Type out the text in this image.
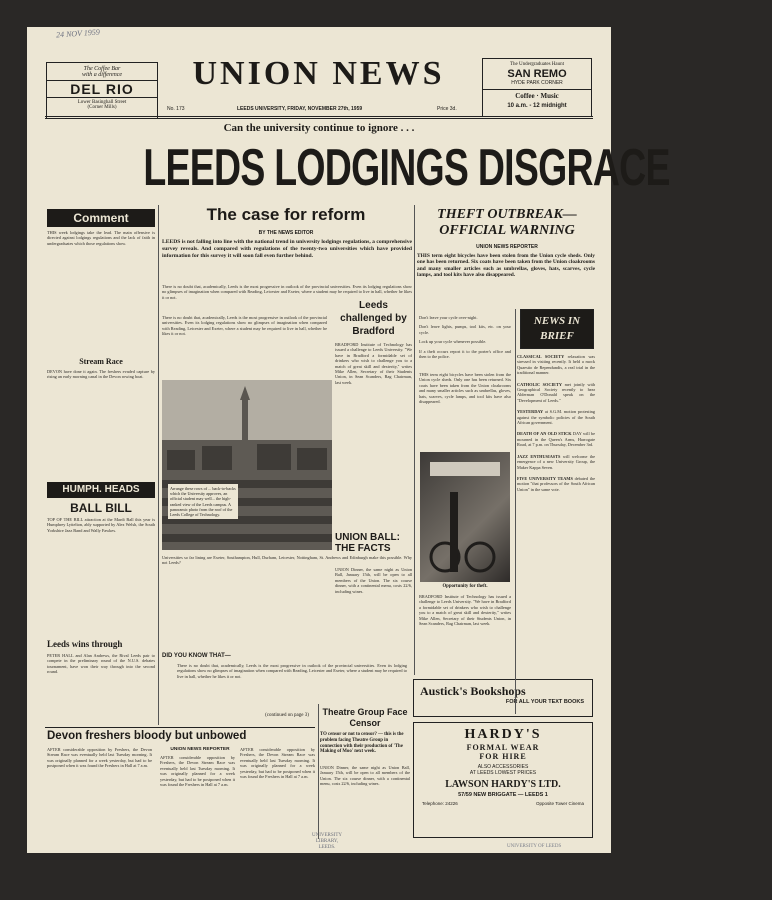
24 NOV 1959
The Coffee Bar
with a difference
DEL RIO
Lower Basinghall Street
(Corner Mills)
UNION NEWS
No. 173	LEEDS UNIVERSITY, FRIDAY, NOVEMBER 27th, 1959	Price 3d.
The Undergraduates Haunt
SAN REMO
HYDE PARK CORNER
Coffee · Music
10 a.m. - 12 midnight
Can the university continue to ignore . . .
LEEDS LODGINGS DISGRACE
Comment
THIS week lodgings take the lead. The main offensive is directed against lodgings regulations and the lack of faith in undergraduates which those regulations show.
Stream Race
DEVON have done it again. The freshers evaded capture by rising an early morning canal in the Devon rowing boat.
HUMPH. HEADS
BALL BILL
TOP OF THE BILL attraction at the Mardi Ball this year is Humphrey Lyttelton, ably supported by Alex Welsh, the South Yorkshire Jazz Band and Wally Fawkes.
Leeds wins through
PETER HALL and Alan Andrews, the Rival Leeds pair to compete in the preliminary round of the N.U.S. debates tournament, have won their way through into the second round.
The case for reform
BY THE NEWS EDITOR
LEEDS is not falling into line with the national trend in university lodgings regulations, a comprehensive survey reveals. And compared with regulations of the twenty-two universities which have provided information for this survey it will soon fall even further behind.
There is no doubt that, academically, Leeds is the most progressive in outlook of the provincial universities. Even its lodging regulations show no glimpses of imagination when compared with Reading, Leicester and Exeter, where a student may be required to live in hall, whether he likes it or not.
There is no doubt that, academically, Leeds is the most progressive in outlook of the provincial universities. Even its lodging regulations show no glimpses of imagination when compared with Reading, Leicester and Exeter, where a student may be required to live in hall, whether he likes it or not.
Arrange these rows of ... back-to-backs which the University approves, an official student may well... the high-ranked view of the Leeds campus. A panoramic photo from the roof of the Leeds College of Technology.
Universities so far lining are Exeter, Southampton, Hull, Durham, Leicester, Nottingham, St. Andrews and Edinburgh make this possible. Why not Leeds?
DID YOU KNOW THAT—
There is no doubt that, academically, Leeds is the most progressive in outlook of the provincial universities. Even its lodging regulations show no glimpses of imagination when compared with Reading, Leicester and Exeter, where a student may be required to live in hall, whether he likes it or not.
(continued on page 3)
Leeds challenged by Bradford
BRADFORD Institute of Technology has issued a challenge to Leeds University. "We have in Bradford a formidable set of drinkers who wish to challenge you to a match of great skill and dexterity," writes Mike Allen, Secretary of their Students Union, in Sean Scanders, Rag Chairman, last week.
UNION BALL: THE FACTS
UNION Dinner, the same night as Union Ball, January 15th, will be open to all members of the Union. The six course dinner, with a continental menu, costs 22/6, including wines.
THEFT OUTBREAK—
OFFICIAL WARNING
UNION NEWS REPORTER
THIS term eight bicycles have been stolen from the Union cycle sheds. Only one has been returned. Six coats have been taken from the Union cloakrooms and many smaller articles such as umbrellas, gloves, hats, scarves, cycle lamps, and tool kits have also disappeared.
Don't leave your cycle over-night.
Don't leave lights, pumps, tool kits, etc. on your cycle.
Lock up your cycle whenever possible.
If a theft occurs report it to the porter's office and then to the police.
THIS term eight bicycles have been stolen from the Union cycle sheds. Only one has been returned. Six coats have been taken from the Union cloakrooms and many smaller articles such as umbrellas, gloves, hats, scarves, cycle lamps, and tool kits have also disappeared.
Opportunity for theft.
BRADFORD Institute of Technology has issued a challenge to Leeds University. "We have in Bradford a formidable set of drinkers who wish to challenge you to a match of great skill and dexterity," writes Mike Allen, Secretary of their Students Union, in Sean Scanders, Rag Chairman, last week.
NEWS IN BRIEF
CLASSICAL SOCIETY relaxation was stressed in visiting recently. It held a mock Quaestio de Rependundis, a real trial in the traditional manner.
CATHOLIC SOCIETY met jointly with Geographical Society recently to hear Alderman O'Donald speak on the "Development of Leeds."
YESTERDAY at S.G.M. motion protesting against the symbolic policies of the South African government.
DEATH OF AN OLD STICK DAY will be mourned in the Queen's Arms, Harrogate Road, at 7 p.m. on Thursday, December 3rd.
JAZZ ENTHUSIASTS will welcome the emergence of a new University Group, the Maker Kappa Seven.
FIVE UNIVERSITY TEAMS debated the motion "that professors of the South African Union" in the same vote.
Devon freshers bloody but unbowed
AFTER considerable opposition by Freshers, the Devon Stream Race was eventually held last Tuesday morning. It was originally planned for a week yesterday, but had to be postponed when it was found the Freshers in Hall at 7 a.m.
UNION NEWS REPORTER
AFTER considerable opposition by Freshers, the Devon Stream Race was eventually held last Tuesday morning. It was originally planned for a week yesterday, but had to be postponed when it was found the Freshers in Hall at 7 a.m.
AFTER considerable opposition by Freshers, the Devon Stream Race was eventually held last Tuesday morning. It was originally planned for a week yesterday, but had to be postponed when it was found the Freshers in Hall at 7 a.m.
Theatre Group Face Censor
TO censor or not to censor? — this is the problem facing Theatre Group in connection with their production of 'The Making of Moo' next week.
UNION Dinner, the same night as Union Ball, January 15th, will be open to all members of the Union. The six course dinner, with a continental menu, costs 22/6, including wines.
Austick's Bookshops
FOR ALL YOUR TEXT BOOKS
HARDY'S
FORMAL WEAR
FOR HIRE
ALSO ACCESSORIES
AT LEEDS LOWEST PRICES
LAWSON HARDY'S LTD.
57/59 NEW BRIGGATE — LEEDS 1
Telephone: 24226	Opposite Tower Cinema
UNIVERSITY
LIBRARY,
LEEDS.	UNIVERSITY OF LEEDS
